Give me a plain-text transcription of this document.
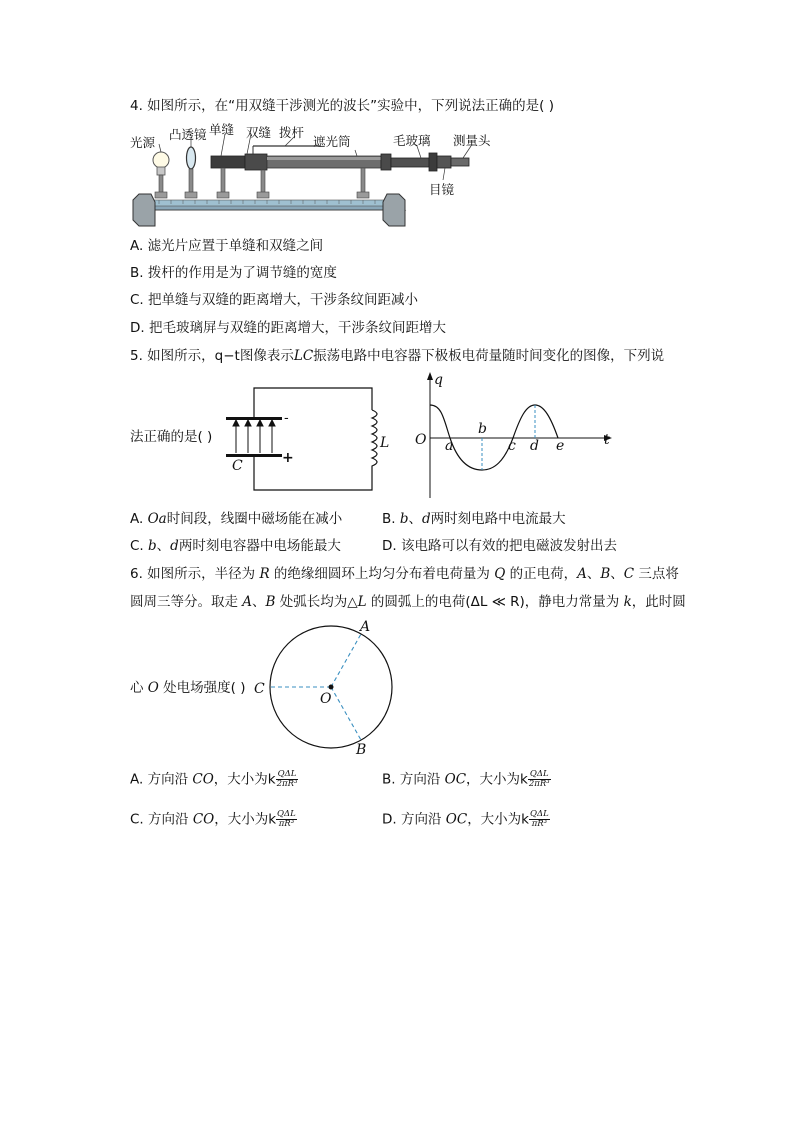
4. 如图所示，在“用双缝干涉测光的波长”实验中，下列说法正确的是( )
光源
凸透镜 单缝 双缝 拨杆
遮光筒	毛玻璃 测量头
目镜
A. 滤光片应置于单缝和双缝之间
B. 拨杆的作用是为了调节缝的宽度
C. 把单缝与双缝的距离增大，干涉条纹间距减小
D. 把毛玻璃屏与双缝的距离增大，干涉条纹间距增大
5. 如图所示，q−t图像表示LC振荡电路中电容器下极板电荷量随时间变化的图像，下列说
法正确的是( )
-
+
C
L
q
t
O a
b
c d e
A. Oa时间段，线圈中磁场能在减小	B. b、d两时刻电路中电流最大
C. b、d两时刻电容器中电场能最大	D. 该电路可以有效的把电磁波发射出去
6. 如图所示，半径为 R 的绝缘细圆环上均匀分布着电荷量为 Q 的正电荷，A、B、C 三点将
圆周三等分。取走 A、B 处弧长均为△L 的圆弧上的电荷(ΔL ≪ R)，静电力常量为 k，此时圆
心 O 处电场强度( )
A
B
C
O
A. 方向沿 CO，大小为k $\frac{\text{QΔL}}{\text{2πR³}}$	B. 方向沿 OC，大小为k $\frac{\text{QΔL}}{\text{2πR³}}$
C. 方向沿 CO，大小为k $\frac{\text{QΔL}}{\text{πR³}}$	D. 方向沿 OC，大小为k $\frac{\text{QΔL}}{\text{πR³}}$
